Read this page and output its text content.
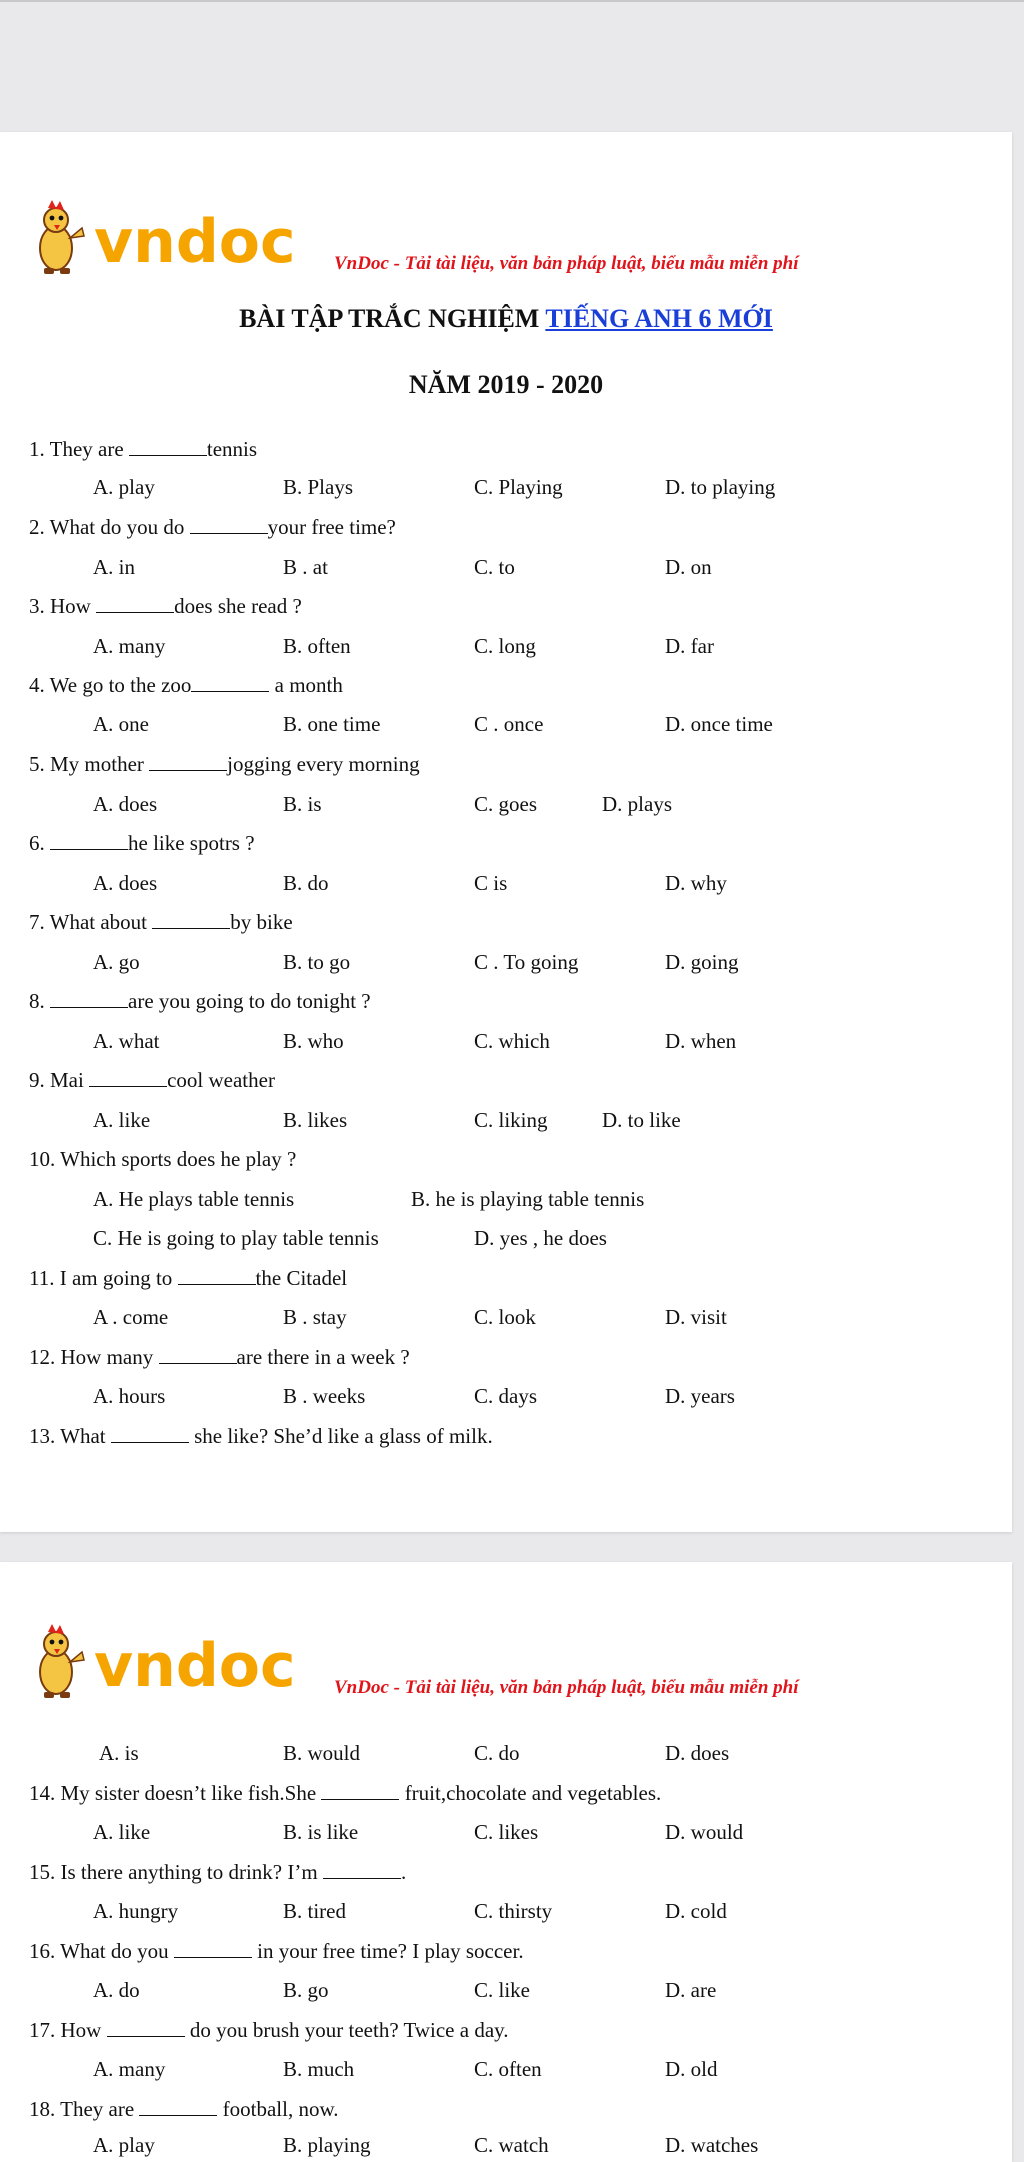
vndoc VnDoc - Tải tài liệu, văn bản pháp luật, biểu mẫu miễn phí
BÀI TẬP TRẮC NGHIỆM TIẾNG ANH 6 MỚI
NĂM 2019 - 2020
1. They are	tennis
A. play	B. Plays	C. Playing	D. to playing
2. What do you do	your free time?
A. in	B . at	C. to	D. on
3. How	does she read ?
A. many	B. often	C. long	D. far
4. We go to the zoo	a month
A. one	B. one time	C . once	D. once time
5. My mother	jogging every morning
A. does	B. is	C. goes	D. plays
6.	he like spotrs ?
A. does	B. do	C is	D. why
7. What about	by bike
A. go	B. to go	C . To going	D. going
8.	are you going to do tonight ?
A. what	B. who	C. which	D. when
9. Mai	cool weather
A. like	B. likes	C. liking	D. to like
10. Which sports does he play ?
A. He plays table tennis	B. he is playing table tennis
C. He is going to play table tennis	D. yes , he does
11. I am going to	the Citadel
A . come	B . stay	C. look	D. visit
12. How many	are there in a week ?
A. hours	B . weeks	C. days	D. years
13. What	she like? She’d like a glass of milk.
vndoc VnDoc - Tải tài liệu, văn bản pháp luật, biểu mẫu miễn phí
A. is	B. would	C. do	D. does
14. My sister doesn’t like fish.She	fruit,chocolate and vegetables.
A. like	B. is like	C. likes	D. would
15. Is there anything to drink? I’m	.
A. hungry	B. tired	C. thirsty	D. cold
16. What do you	in your free time? I play soccer.
A. do	B. go	C. like	D. are
17. How	do you brush your teeth? Twice a day.
A. many	B. much	C. often	D. old
18. They are	football, now.
A. play	B. playing	C. watch	D. watches
